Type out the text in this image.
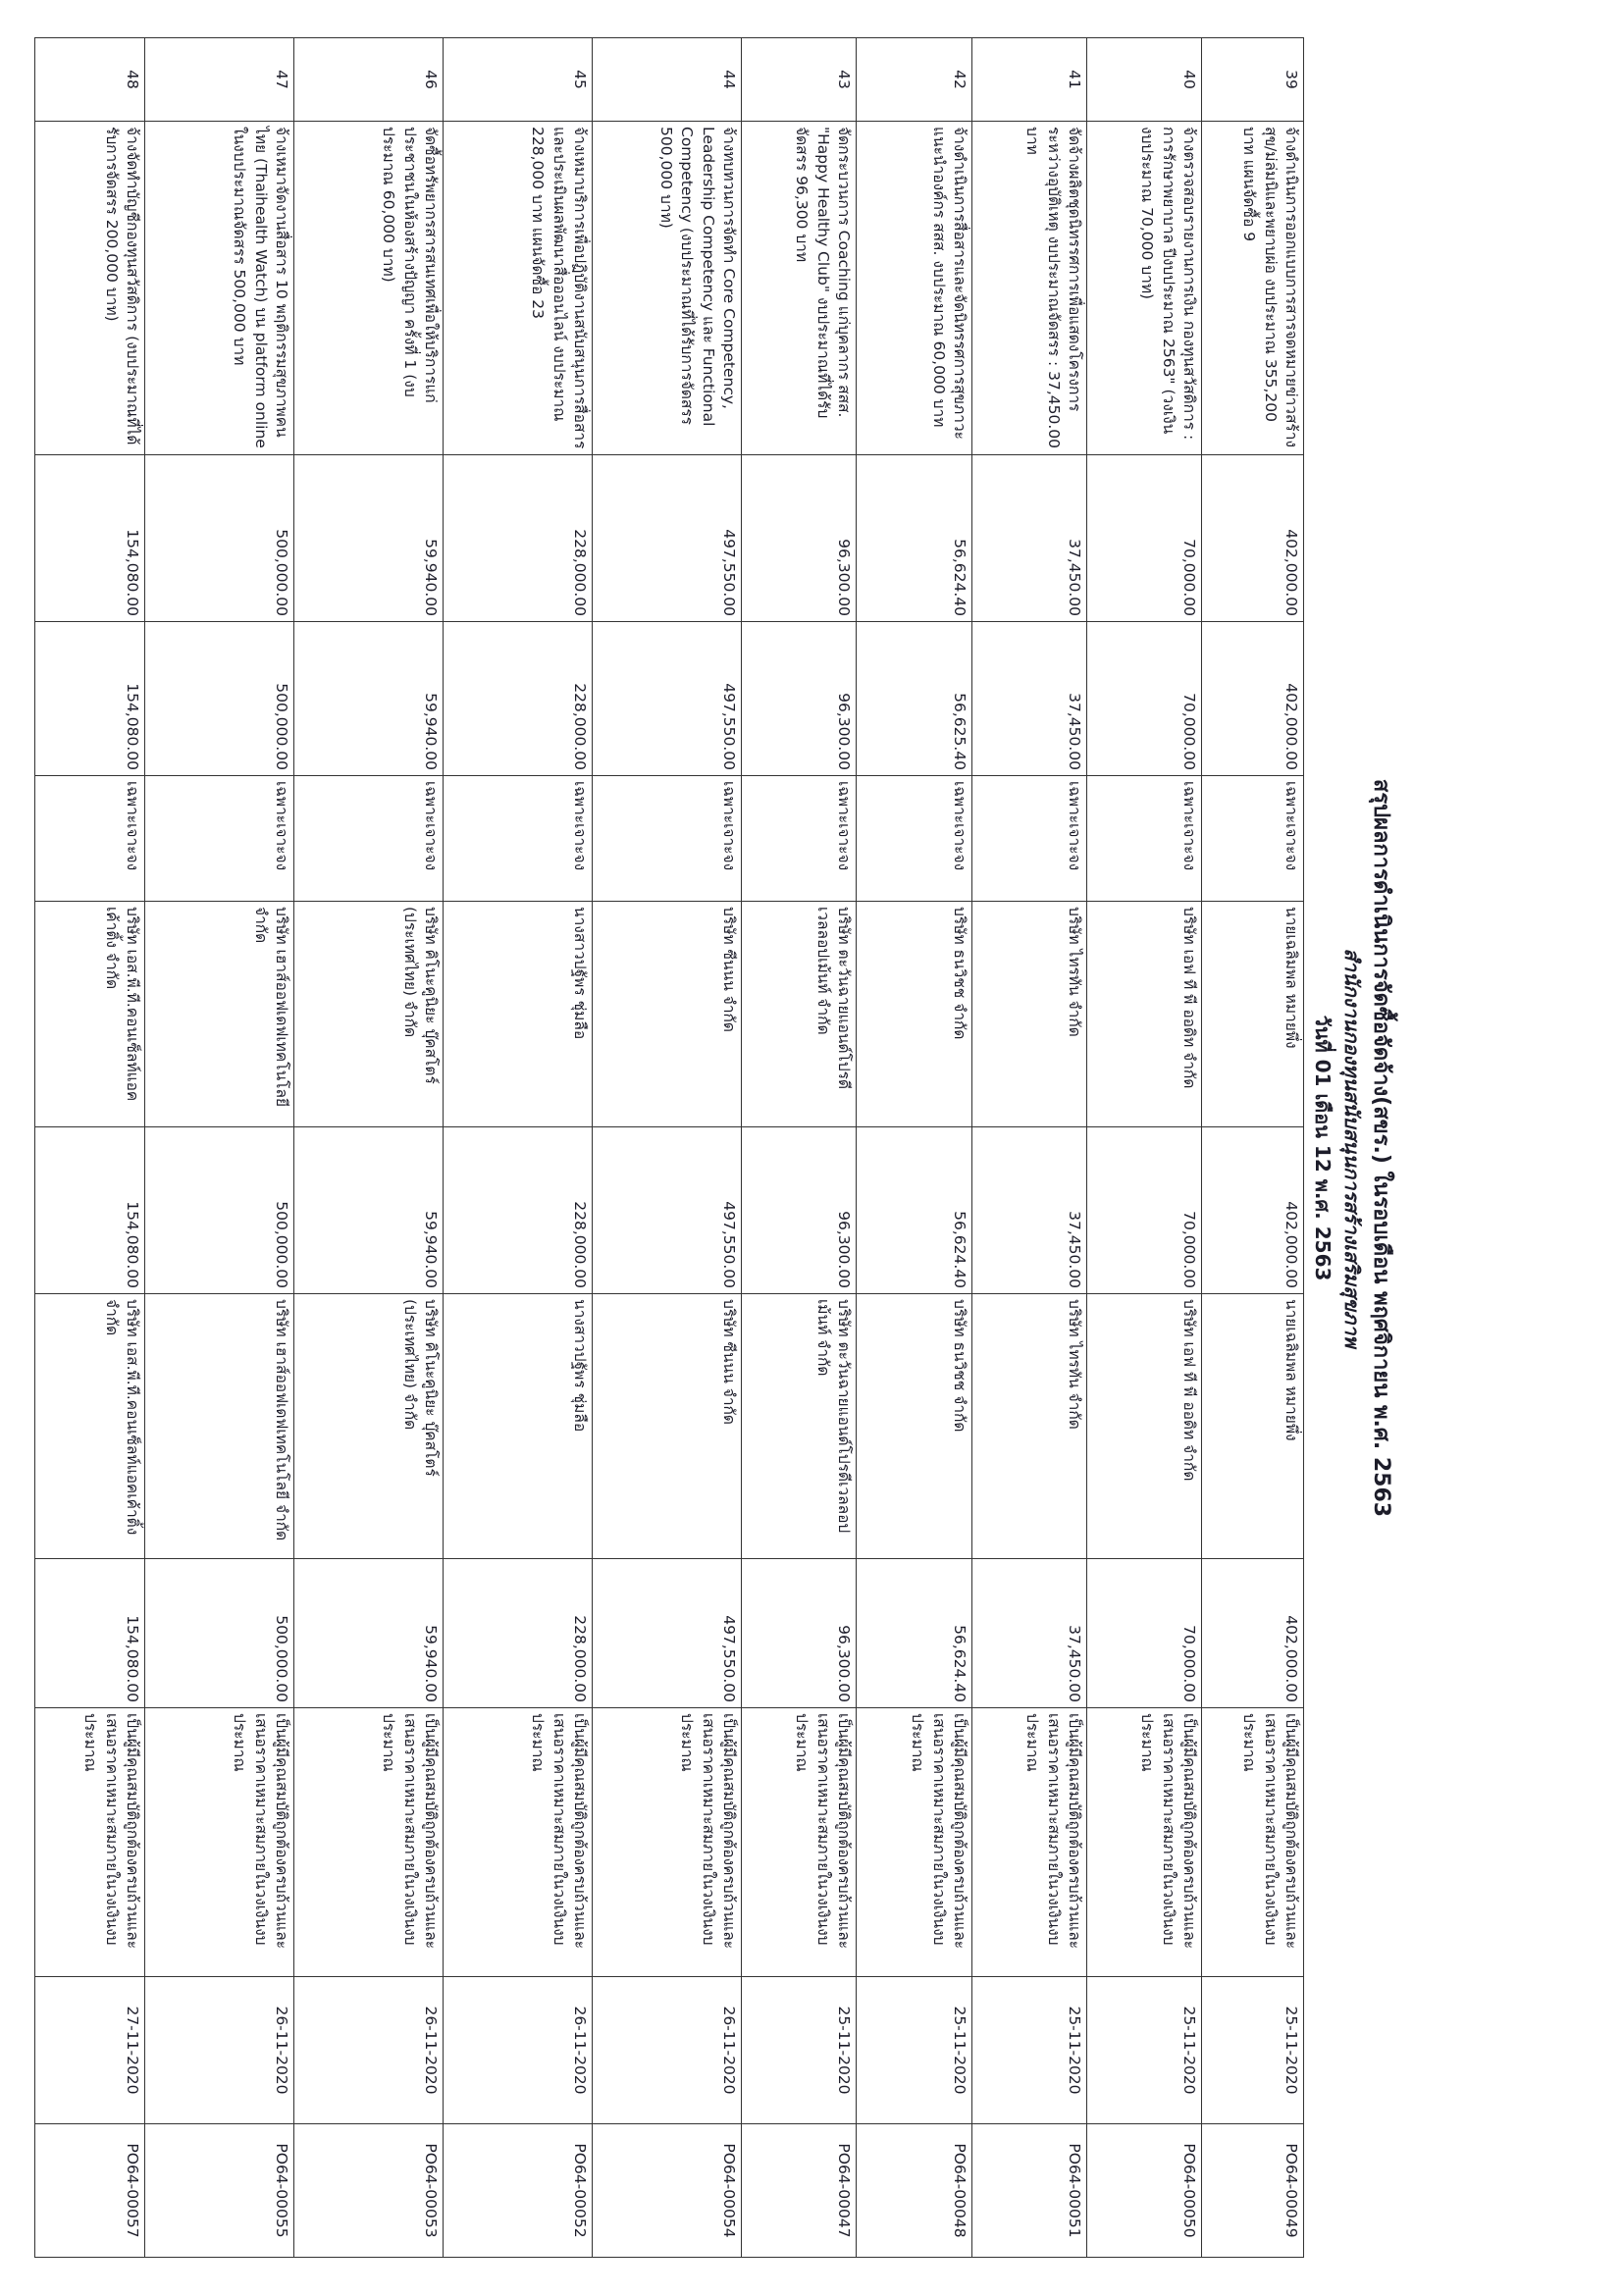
สรุปผลการดำเนินการจัดซื้อจัดจ้าง(สขร.) ในรอบเดือน พฤศจิกายน พ.ศ. 2563
สำนักงานกองทุนสนับสนุนการสร้างเสริมสุขภาพ
วันที่ 01 เดือน 12 พ.ศ. 2563
39	จ้างดำเนินการออกแบบการสารจดหมายข่าวสร้างสุข/ม่ล่มนิและพยาบผ่อ งบประมาณ 355,200 บาท แผนจัดซื้อ 9	402,000.00	402,000.00	เฉพาะเจาะจง	นายเฉลิมพล หมายพึ่ง	402,000.00	นายเฉลิมพล หมายพึ่ง	402,000.00	เป็นผู้มีคุณสมบัติถูกต้องครบถ้วนและเสนอราคาเหมาะสมภายในวงเงินงบประมาณ	25-11-2020	PO64-00049
40	จ้างตรวจสอบรายงานการเงิน กองทุนสวัสดิการ : การรักษาพยาบาล ปีงบประมาณ 2563" (วงเงินงบประมาณ 70,000 บาท)	70,000.00	70,000.00	เฉพาะเจาะจง	บริษัท เอฟ ที พี ออดิท จำกัด	70,000.00	บริษัท เอฟ ที พี ออดิท จำกัด	70,000.00	เป็นผู้มีคุณสมบัติถูกต้องครบถ้วนและเสนอราคาเหมาะสมภายในวงเงินงบประมาณ	25-11-2020	PO64-00050
41	จัดจ้างผลิตชุดนิทรรศการเพื่อแสดงโครงการระหว่างอุบัติเหตุ งบประมาณจัดสรร : 37,450.00 บาท	37,450.00	37,450.00	เฉพาะเจาะจง	บริษัท ไทรทัน จำกัด	37,450.00	บริษัท ไทรทัน จำกัด	37,450.00	เป็นผู้มีคุณสมบัติถูกต้องครบถ้วนและเสนอราคาเหมาะสมภายในวงเงินงบประมาณ	25-11-2020	PO64-00051
42	จ้างดำเนินการสื่อสารและจัดนิทรรศการสุขภาวะ แนะนำองค์กร สสส. งบประมาณ 60,000 บาท	56,624.40	56,625.40	เฉพาะเจาะจง	บริษัท ธนวิชช จำกัด	56,624.40	บริษัท ธนวิชช จำกัด	56,624.40	เป็นผู้มีคุณสมบัติถูกต้องครบถ้วนและเสนอราคาเหมาะสมภายในวงเงินงบประมาณ	25-11-2020	PO64-00048
43	จัดกระบวนการ Coaching แก่บุคลากร สสส. "Happy Healthy Club" งบประมาณที่ได้รับจัดสรร 96,300 บาท	96,300.00	96,300.00	เฉพาะเจาะจง	บริษัท ตะวันฉายแอนด์โปรดีเวลลอปเม้นท์ จำกัด	96,300.00	บริษัท ตะวันฉายแอนด์โปรดีเวลลอปเม้นท์ จำกัด	96,300.00	เป็นผู้มีคุณสมบัติถูกต้องครบถ้วนและเสนอราคาเหมาะสมภายในวงเงินงบประมาณ	25-11-2020	PO64-00047
44	จ้างทบทวนการจัดทำ Core Competency, Leadership Competency และ Functional Competency (งบประมาณที่ได้รับการจัดสรร 500,000 บาท)	497,550.00	497,550.00	เฉพาะเจาะจง	บริษัท ซีนนน จำกัด	497,550.00	บริษัท ซีนนน จำกัด	497,550.00	เป็นผู้มีคุณสมบัติถูกต้องครบถ้วนและเสนอราคาเหมาะสมภายในวงเงินงบประมาณ	26-11-2020	PO64-00054
45	จ้างเหมาบริการเพื่อปฏิบัติงานสนับสนุนการสื่อสารและประเมินผลพัฒนาสื่อออนไลน์ งบประมาณ 228,000 บาท แผนจัดซื้อ 23	228,000.00	228,000.00	เฉพาะเจาะจง	นางสาวปฐัพร ชุ่มลือ	228,000.00	นางสาวปฐัพร ชุ่มลือ	228,000.00	เป็นผู้มีคุณสมบัติถูกต้องครบถ้วนและเสนอราคาเหมาะสมภายในวงเงินงบประมาณ	26-11-2020	PO64-00052
46	จัดซื้อทรัพยากรสารสนเทศเพื่อให้บริการแก่ประชาชนในห้องสร้างปัญญา ครั้งที่ 1 (งบประมาณ 60,000 บาท)	59,940.00	59,940.00	เฉพาะเจาะจง	บริษัท คิโนะคูนิยะ บุ๊คสโตร์ (ประเทศไทย) จำกัด	59,940.00	บริษัท คิโนะคูนิยะ บุ๊คสโตร์ (ประเทศไทย) จำกัด	59,940.00	เป็นผู้มีคุณสมบัติถูกต้องครบถ้วนและเสนอราคาเหมาะสมภายในวงเงินงบประมาณ	26-11-2020	PO64-00053
47	จ้างเหมาจัดงานสื่อสาร 10 พฤติกรรมสุขภาพคนไทย (Thaihealth Watch) บน platform online ในงบประมาณจัดสรร 500,000 บาท	500,000.00	500,000.00	เฉพาะเจาะจง	บริษัท เฮาส์ออฟเดฟเทคโนโลยี จำกัด	500,000.00	บริษัท เฮาส์ออฟเดฟเทคโนโลยี จำกัด	500,000.00	เป็นผู้มีคุณสมบัติถูกต้องครบถ้วนและเสนอราคาเหมาะสมภายในวงเงินงบประมาณ	26-11-2020	PO64-00055
48	จ้างจัดทำบัญชีกองทุนสวัสดิการ (งบประมาณที่ได้รับการจัดสรร 200,000 บาท)	154,080.00	154,080.00	เฉพาะเจาะจง	บริษัท เอส.พี.ที.คอนเซ็ลท์แอคเค้าติ้ง จำกัด	154,080.00	บริษัท เอส.พี.ที.คอนเซ็ลท์แอคเค้าติ้ง จำกัด	154,080.00	เป็นผู้มีคุณสมบัติถูกต้องครบถ้วนและเสนอราคาเหมาะสมภายในวงเงินงบประมาณ	27-11-2020	PO64-00057
